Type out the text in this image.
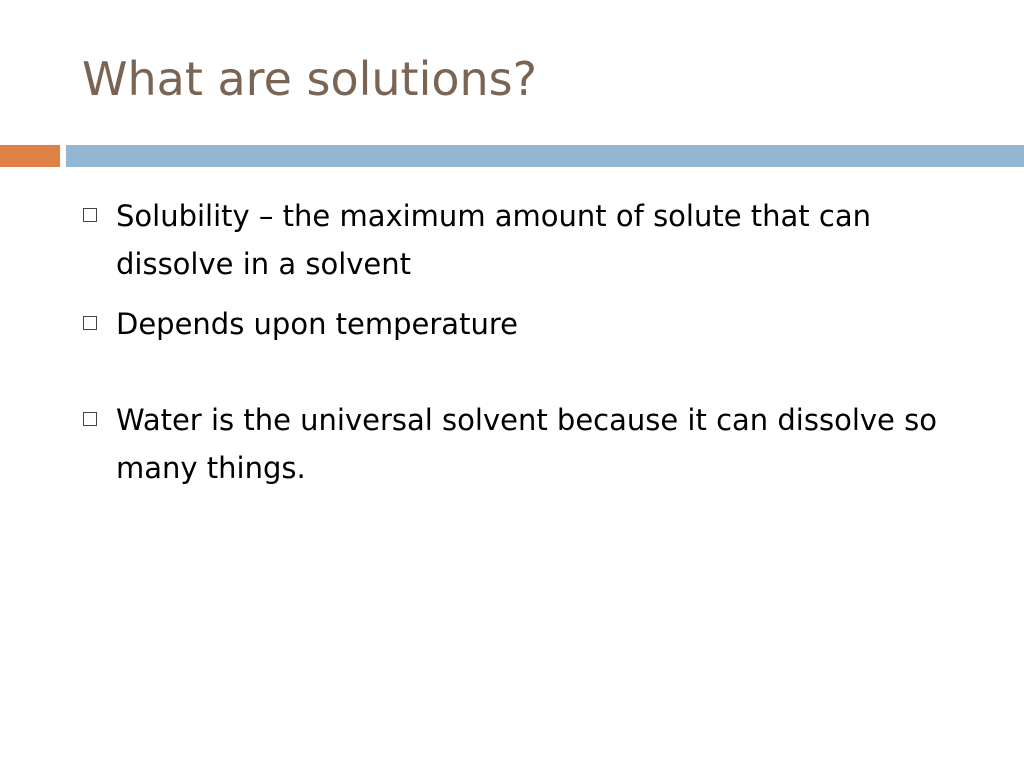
What are solutions?
Solubility – the maximum amount of solute that can dissolve in a solvent
Depends upon temperature
Water is the universal solvent because it can dissolve so many things.
